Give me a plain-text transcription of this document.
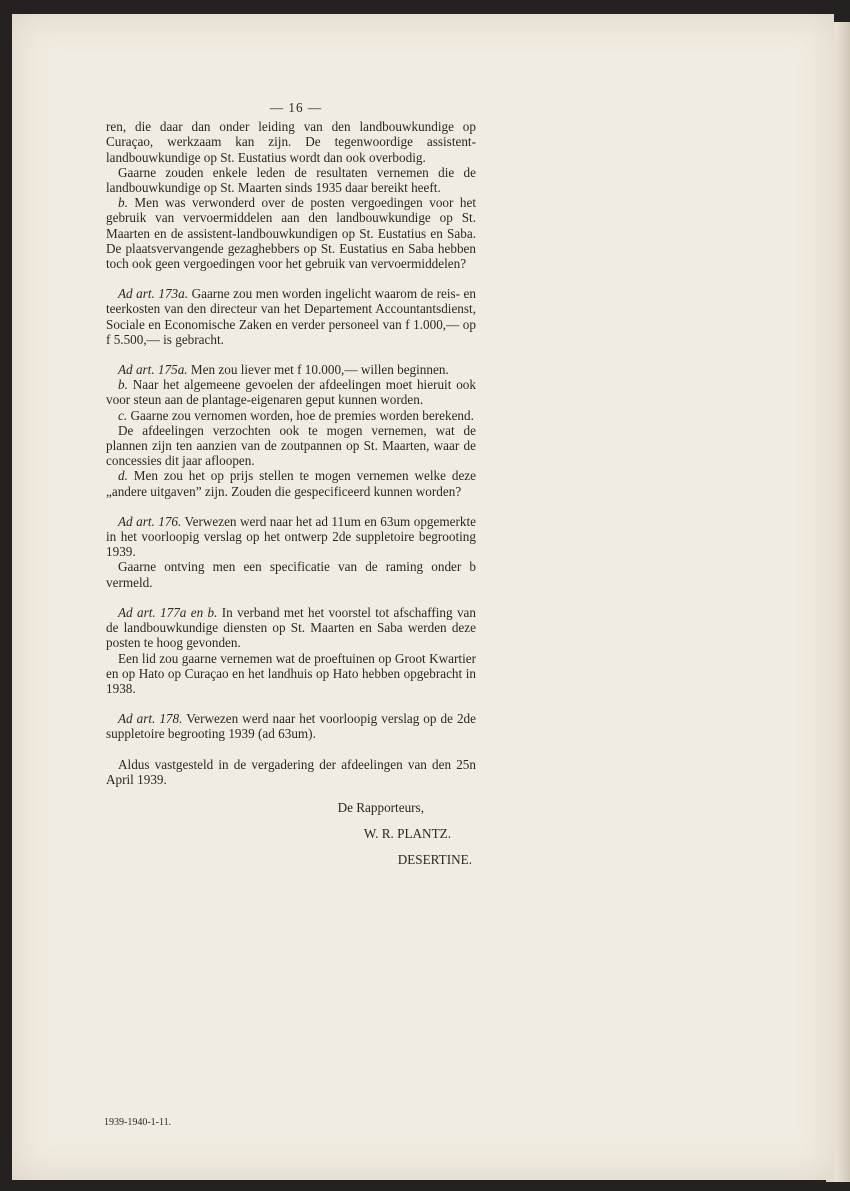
— 16 —

ren, die daar dan onder leiding van den landbouwkundige op Curaçao, werkzaam kan zijn. De tegenwoordige assistent-landbouwkundige op St. Eustatius wordt dan ook overbodig.

Gaarne zouden enkele leden de resultaten vernemen die de landbouwkundige op St. Maarten sinds 1935 daar bereikt heeft.

b. Men was verwonderd over de posten vergoedingen voor het gebruik van vervoermiddelen aan den landbouwkundige op St. Maarten en de assistent-landbouwkundigen op St. Eustatius en Saba. De plaatsvervangende gezaghebbers op St. Eustatius en Saba hebben toch ook geen vergoedingen voor het gebruik van vervoermiddelen?

Ad art. 173a. Gaarne zou men worden ingelicht waarom de reis- en teerkosten van den directeur van het Departement Accountantsdienst, Sociale en Economische Zaken en verder personeel van f 1.000,— op f 5.500,— is gebracht.

Ad art. 175a. Men zou liever met f 10.000,— willen beginnen.

b. Naar het algemeene gevoelen der afdeelingen moet hieruit ook voor steun aan de plantage-eigenaren geput kunnen worden.

c. Gaarne zou vernomen worden, hoe de premies worden berekend.

De afdeelingen verzochten ook te mogen vernemen, wat de plannen zijn ten aanzien van de zoutpannen op St. Maarten, waar de concessies dit jaar afloopen.

d. Men zou het op prijs stellen te mogen vernemen welke deze „andere uitgaven” zijn. Zouden die gespecificeerd kunnen worden?

Ad art. 176. Verwezen werd naar het ad 11um en 63um opgemerkte in het voorloopig verslag op het ontwerp 2de suppletoire begrooting 1939.

Gaarne ontving men een specificatie van de raming onder b vermeld.

Ad art. 177a en b. In verband met het voorstel tot afschaffing van de landbouwkundige diensten op St. Maarten en Saba werden deze posten te hoog gevonden.

Een lid zou gaarne vernemen wat de proeftuinen op Groot Kwartier en op Hato op Curaçao en het landhuis op Hato hebben opgebracht in 1938.

Ad art. 178. Verwezen werd naar het voorloopig verslag op de 2de suppletoire begrooting 1939 (ad 63um).

Aldus vastgesteld in de vergadering der afdeelingen van den 25n April 1939.

De Rapporteurs,

W. R. PLANTZ.

DESERTINE.

1939-1940-1-11.
